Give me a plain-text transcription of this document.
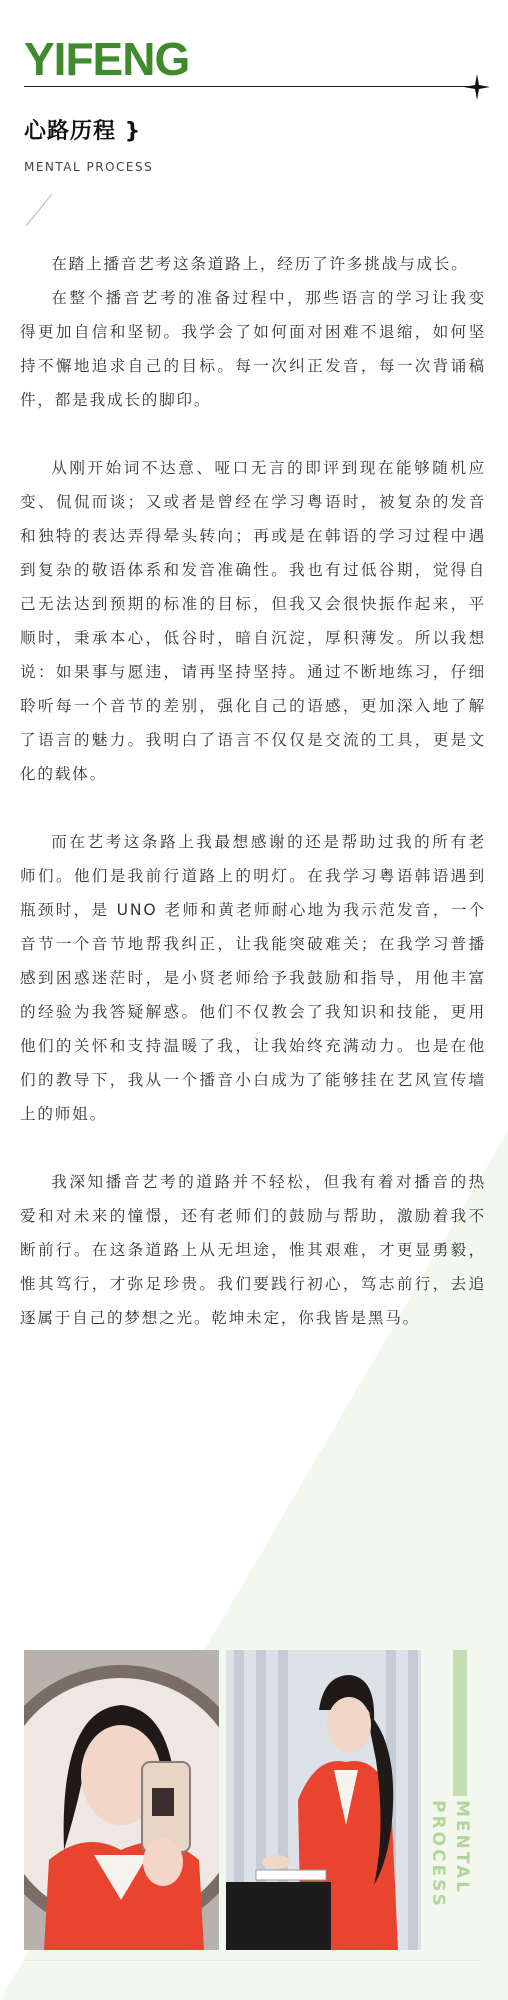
YIFENG
心路历程 }
MENTAL PROCESS

在踏上播音艺考这条道路上，经历了许多挑战与成长。

在整个播音艺考的准备过程中，那些语言的学习让我变得更加自信和坚韧。我学会了如何面对困难不退缩，如何坚持不懈地追求自己的目标。每一次纠正发音，每一次背诵稿件，都是我成长的脚印。

从刚开始词不达意、哑口无言的即评到现在能够随机应变、侃侃而谈；又或者是曾经在学习粤语时，被复杂的发音和独特的表达弄得晕头转向；再或是在韩语的学习过程中遇到复杂的敬语体系和发音准确性。我也有过低谷期，觉得自己无法达到预期的标准的目标，但我又会很快振作起来，平顺时，秉承本心，低谷时，暗自沉淀，厚积薄发。所以我想说：如果事与愿违，请再坚持坚持。通过不断地练习，仔细聆听每一个音节的差别，强化自己的语感，更加深入地了解了语言的魅力。我明白了语言不仅仅是交流的工具，更是文化的载体。

而在艺考这条路上我最想感谢的还是帮助过我的所有老师们。他们是我前行道路上的明灯。在我学习粤语韩语遇到瓶颈时，是 UNO 老师和黄老师耐心地为我示范发音，一个音节一个音节地帮我纠正，让我能突破难关；在我学习普播感到困惑迷茫时，是小贤老师给予我鼓励和指导，用他丰富的经验为我答疑解惑。他们不仅教会了我知识和技能，更用他们的关怀和支持温暖了我，让我始终充满动力。也是在他们的教导下，我从一个播音小白成为了能够挂在艺风宣传墙上的师姐。

我深知播音艺考的道路并不轻松，但我有着对播音的热爱和对未来的憧憬，还有老师们的鼓励与帮助，激励着我不断前行。在这条道路上从无坦途，惟其艰难，才更显勇毅，惟其笃行，才弥足珍贵。我们要践行初心，笃志前行，去追逐属于自己的梦想之光。乾坤未定，你我皆是黑马。

MENTAL PROCESS
